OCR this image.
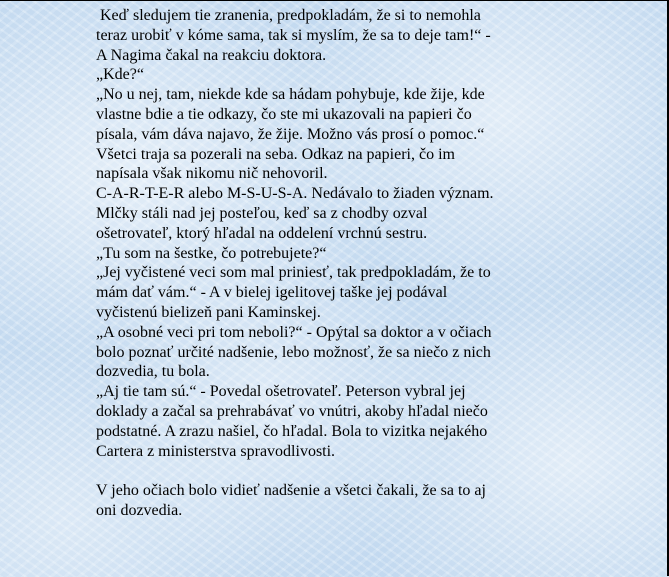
Keď sledujem tie zranenia, predpokladám, že si to nemohla
teraz urobiť v kóme sama, tak si myslím, že sa to deje tam!“ -
A Nagima čakal na reakciu doktora.
„Kde?“
„No u nej, tam, niekde kde sa hádam pohybuje, kde žije, kde
vlastne bdie a tie odkazy, čo ste mi ukazovali na papieri čo
písala, vám dáva najavo, že žije. Možno vás prosí o pomoc.“
Všetci traja sa pozerali na seba. Odkaz na papieri, čo im
napísala však nikomu nič nehovoril.
C-A-R-T-E-R alebo M-S-U-S-A. Nedávalo to žiaden význam.
Mlčky stáli nad jej posteľou, keď sa z chodby ozval
ošetrovateľ, ktorý hľadal na oddelení vrchnú sestru.
„Tu som na šestke, čo potrebujete?“
„Jej vyčistené veci som mal priniesť, tak predpokladám, že to
mám dať vám.“ - A v bielej igelitovej taške jej podával
vyčistenú bielizeň pani Kaminskej.
„A osobné veci pri tom neboli?“ - Opýtal sa doktor a v očiach
bolo poznať určité nadšenie, lebo možnosť, že sa niečo z nich
dozvedia, tu bola.
„Aj tie tam sú.“ - Povedal ošetrovateľ. Peterson vybral jej
doklady a začal sa prehrabávať vo vnútri, akoby hľadal niečo
podstatné. A zrazu našiel, čo hľadal. Bola to vizitka nejakého
Cartera z ministerstva spravodlivosti.
V jeho očiach bolo vidieť nadšenie a všetci čakali, že sa to aj
oni dozvedia.
